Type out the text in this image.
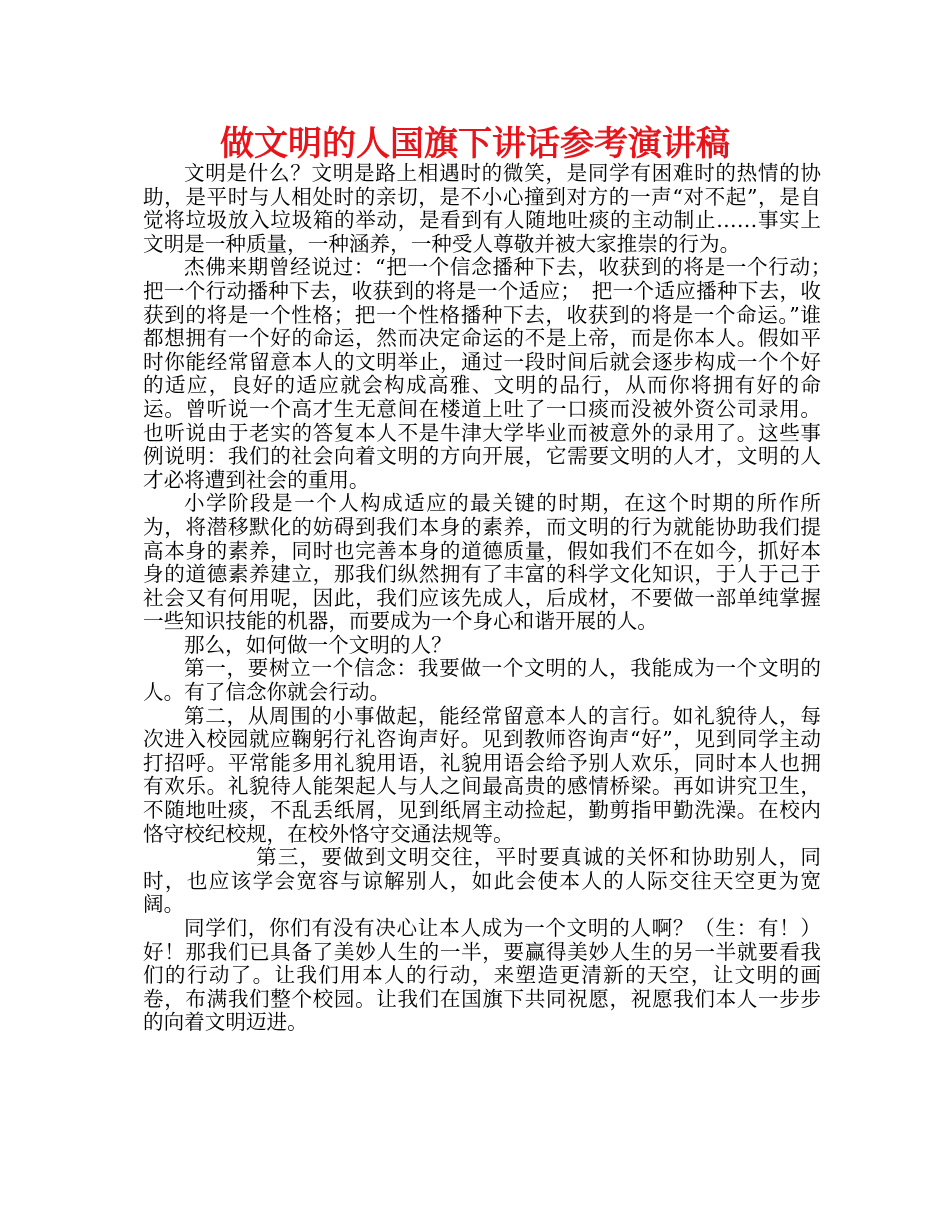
做文明的人国旗下讲话参考演讲稿

文明是什么？文明是路上相遇时的微笑，是同学有困难时的热情的协助，是平时与人相处时的亲切，是不小心撞到对方的一声“对不起”，是自觉将垃圾放入垃圾箱的举动，是看到有人随地吐痰的主动制止……事实上文明是一种质量，一种涵养，一种受人尊敬并被大家推崇的行为。

杰佛来期曾经说过：“把一个信念播种下去，收获到的将是一个行动；　把一个行动播种下去，收获到的将是一个适应；　把一个适应播种下去，收获到的将是一个性格；把一个性格播种下去，收获到的将是一个命运。”谁都想拥有一个好的命运，然而决定命运的不是上帝，而是你本人。假如平时你能经常留意本人的文明举止，通过一段时间后就会逐步构成一个个好的适应，良好的适应就会构成高雅、文明的品行，从而你将拥有好的命运。曾听说一个高才生无意间在楼道上吐了一口痰而没被外资公司录用。也听说由于老实的答复本人不是牛津大学毕业而被意外的录用了。这些事例说明：我们的社会向着文明的方向开展，它需要文明的人才，文明的人才必将遭到社会的重用。

小学阶段是一个人构成适应的最关键的时期，在这个时期的所作所为，将潜移默化的妨碍到我们本身的素养，而文明的行为就能协助我们提高本身的素养，同时也完善本身的道德质量，假如我们不在如今，抓好本身的道德素养建立，那我们纵然拥有了丰富的科学文化知识，于人于己于社会又有何用呢，因此，我们应该先成人，后成材，不要做一部单纯掌握一些知识技能的机器，而要成为一个身心和谐开展的人。

那么，如何做一个文明的人？

第一，要树立一个信念：我要做一个文明的人，我能成为一个文明的人。有了信念你就会行动。

第二，从周围的小事做起，能经常留意本人的言行。如礼貌待人，每次进入校园就应鞠躬行礼咨询声好。见到教师咨询声“好”，见到同学主动打招呼。平常能多用礼貌用语，礼貌用语会给予别人欢乐，同时本人也拥有欢乐。礼貌待人能架起人与人之间最高贵的感情桥梁。再如讲究卫生，不随地吐痰，不乱丢纸屑，见到纸屑主动捡起，勤剪指甲勤洗澡。在校内恪守校纪校规，在校外恪守交通法规等。

第三，要做到文明交往，平时要真诚的关怀和协助别人，同时，也应该学会宽容与谅解别人，如此会使本人的人际交往天空更为宽阔。

同学们，你们有没有决心让本人成为一个文明的人啊？（生：有！）好！那我们已具备了美妙人生的一半，要赢得美妙人生的另一半就要看我们的行动了。让我们用本人的行动，来塑造更清新的天空，让文明的画卷，布满我们整个校园。让我们在国旗下共同祝愿，祝愿我们本人一步步的向着文明迈进。
